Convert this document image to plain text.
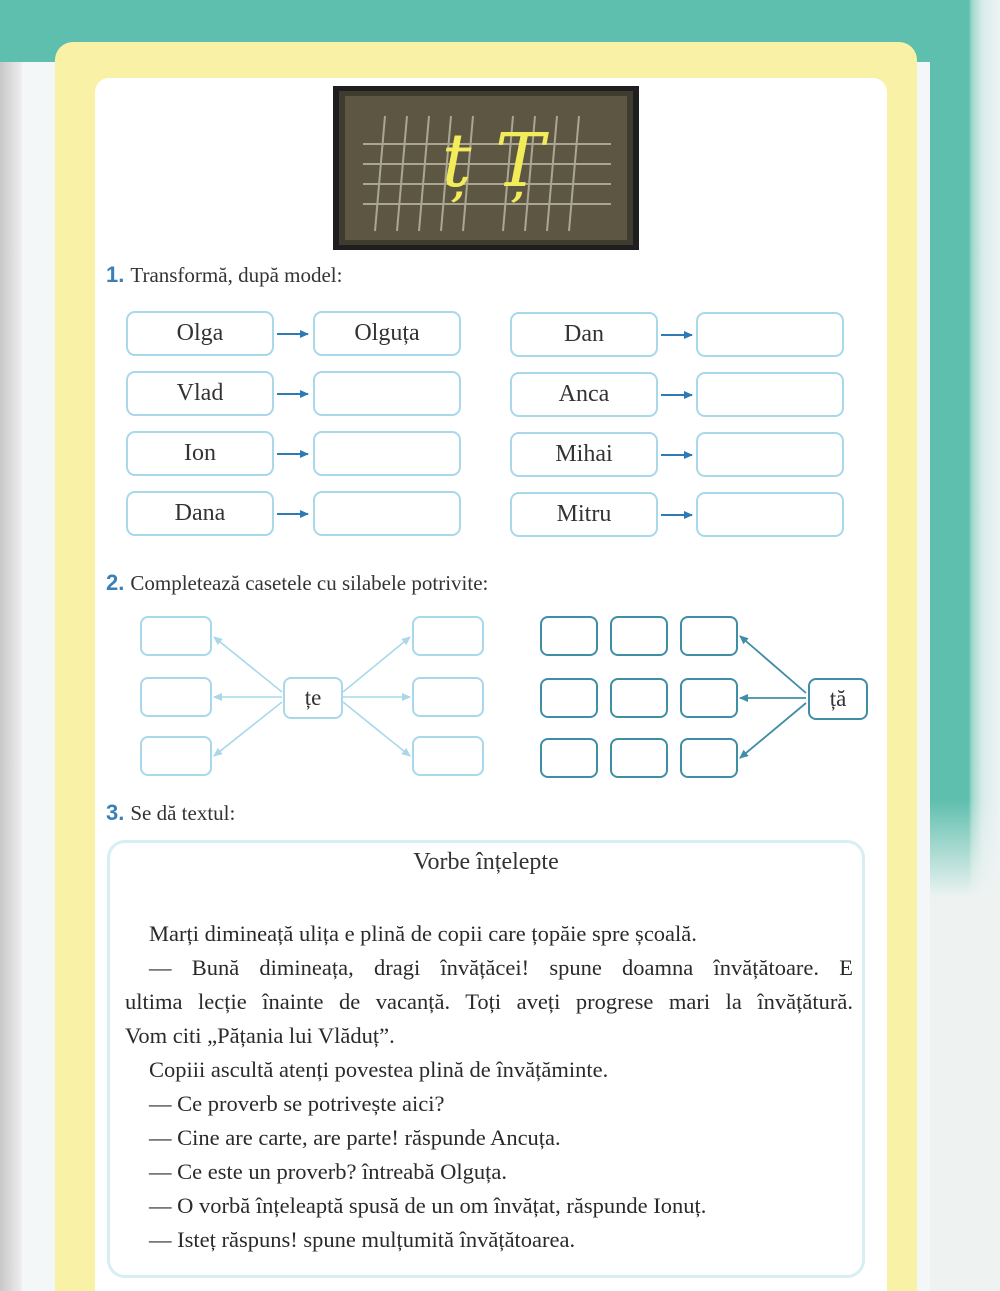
ț Ț
1. Transformă, după model:
Olga	Olguța
Vlad
Ion
Dana
Dan
Anca
Mihai
Mitru
2. Completează casetele cu silabele potrivite:
țe	ță
3. Se dă textul:
Vorbe înțelepte
Marți dimineață ulița e plină de copii care țopăie spre școală.
— Bună dimineața, dragi învățăcei! spune doamna învățătoare. E
ultima lecție înainte de vacanță. Toți aveți progrese mari la învățătură.
Vom citi „Pățania lui Vlăduț”.
Copiii ascultă atenți povestea plină de învățăminte.
— Ce proverb se potrivește aici?
— Cine are carte, are parte! răspunde Ancuța.
— Ce este un proverb? întreabă Olguța.
— O vorbă înțeleaptă spusă de un om învățat, răspunde Ionuț.
— Isteț răspuns! spune mulțumită învățătoarea.
